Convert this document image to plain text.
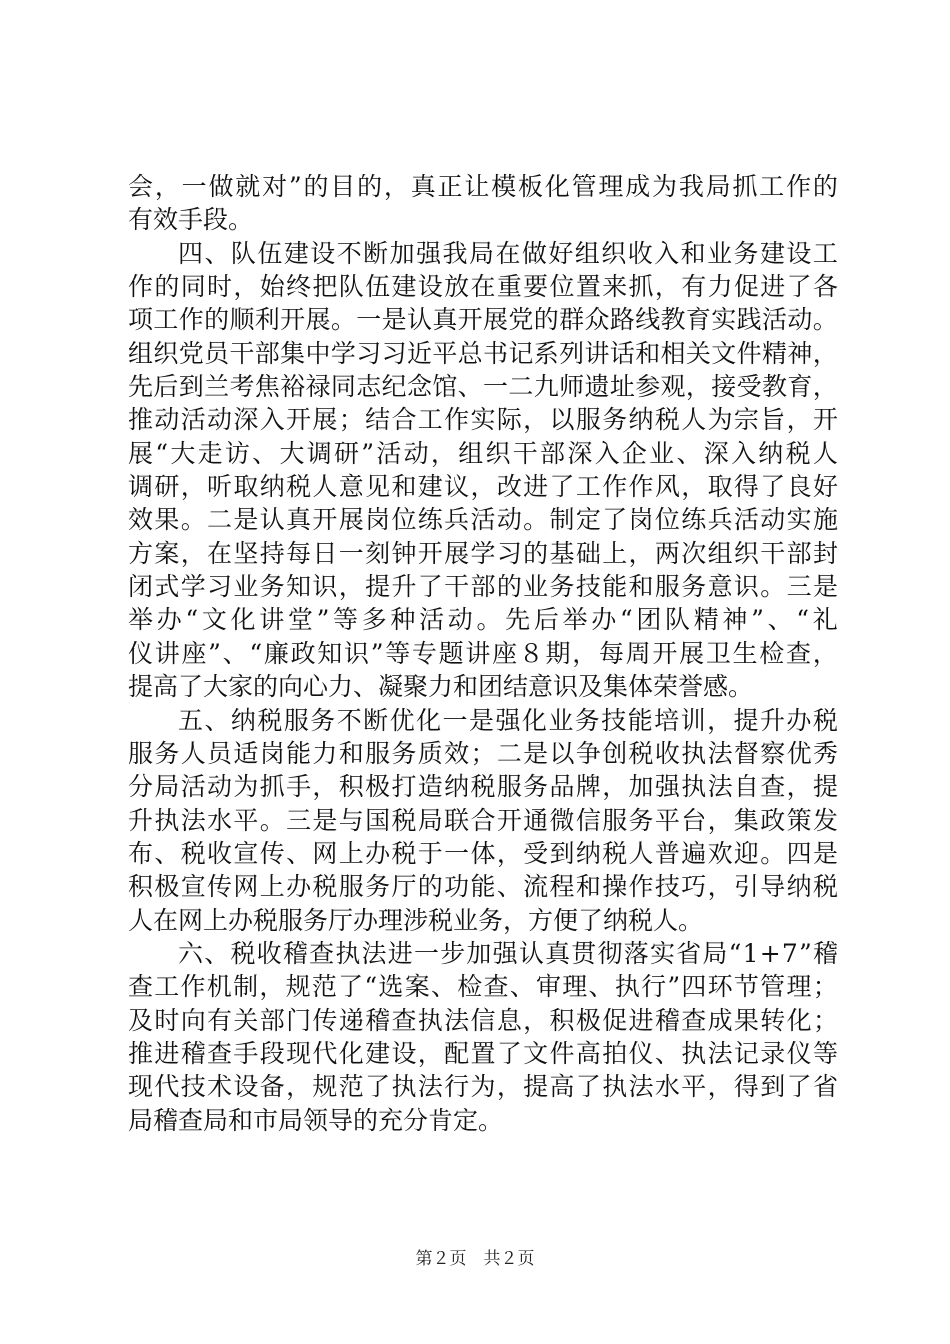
会 ， 一 做 就 对 ” 的 目 的 ， 真 正 让 模 板 化 管 理 成 为 我 局 抓 工 作 的
有效手段。
四 、 队 伍 建 设 不 断 加 强 我 局 在 做 好 组 织 收 入 和 业 务 建 设 工
作 的 同 时 ， 始 终 把 队 伍 建 设 放 在 重 要 位 置 来 抓 ， 有 力 促 进 了 各
项 工 作 的 顺 利 开 展 。 一 是 认 真 开 展 党 的 群 众 路 线 教 育 实 践 活 动 。
组 织 党 员 干 部 集 中 学 习 习 近 平 总 书 记 系 列 讲 话 和 相 关 文 件 精 神 ，
先 后 到 兰 考 焦 裕 禄 同 志 纪 念 馆 、 一 二 九 师 遗 址 参 观 ， 接 受 教 育 ，
推 动 活 动 深 入 开 展 ； 结 合 工 作 实 际 ， 以 服 务 纳 税 人 为 宗 旨 ， 开
展 “ 大 走 访 、 大 调 研 ” 活 动 ， 组 织 干 部 深 入 企 业 、 深 入 纳 税 人
调 研 ， 听 取 纳 税 人 意 见 和 建 议 ， 改 进 了 工 作 作 风 ， 取 得 了 良 好
效 果 。 二 是 认 真 开 展 岗 位 练 兵 活 动 。 制 定 了 岗 位 练 兵 活 动 实 施
方 案 ， 在 坚 持 每 日 一 刻 钟 开 展 学 习 的 基 础 上 ， 两 次 组 织 干 部 封
闭 式 学 习 业 务 知 识 ， 提 升 了 干 部 的 业 务 技 能 和 服 务 意 识 。 三 是
举 办 “ 文 化 讲 堂 ” 等 多 种 活 动 。 先 后 举 办 “ 团 队 精 神 ” 、 “ 礼
仪 讲 座 ” 、 “ 廉 政 知 识 ” 等 专 题 讲 座 ８ 期 ， 每 周 开 展 卫 生 检 查 ，
提高了大家的向心力、凝聚力和团结意识及集体荣誉感。
五 、 纳 税 服 务 不 断 优 化 一 是 强 化 业 务 技 能 培 训 ， 提 升 办 税
服 务 人 员 适 岗 能 力 和 服 务 质 效 ； 二 是 以 争 创 税 收 执 法 督 察 优 秀
分 局 活 动 为 抓 手 ， 积 极 打 造 纳 税 服 务 品 牌 ， 加 强 执 法 自 查 ， 提
升 执 法 水 平 。 三 是 与 国 税 局 联 合 开 通 微 信 服 务 平 台 ， 集 政 策 发
布 、 税 收 宣 传 、 网 上 办 税 于 一 体 ， 受 到 纳 税 人 普 遍 欢 迎 。 四 是
积 极 宣 传 网 上 办 税 服 务 厅 的 功 能 、 流 程 和 操 作 技 巧 ， 引 导 纳 税
人在网上办税服务厅办理涉税业务，方便了纳税人。
六 、 税 收 稽 查 执 法 进 一 步 加 强 认 真 贯 彻 落 实 省 局 “ 1 + 7 ” 稽
查 工 作 机 制 ， 规 范 了 “ 选 案 、 检 查 、 审 理 、 执 行 ” 四 环 节 管 理 ；
及 时 向 有 关 部 门 传 递 稽 查 执 法 信 息 ， 积 极 促 进 稽 查 成 果 转 化 ；
推 进 稽 查 手 段 现 代 化 建 设 ， 配 置 了 文 件 高 拍 仪 、 执 法 记 录 仪 等
现 代 技 术 设 备 ， 规 范 了 执 法 行 为 ， 提 高 了 执 法 水 平 ， 得 到 了 省
局稽查局和市局领导的充分肯定。
第２页　共２页
